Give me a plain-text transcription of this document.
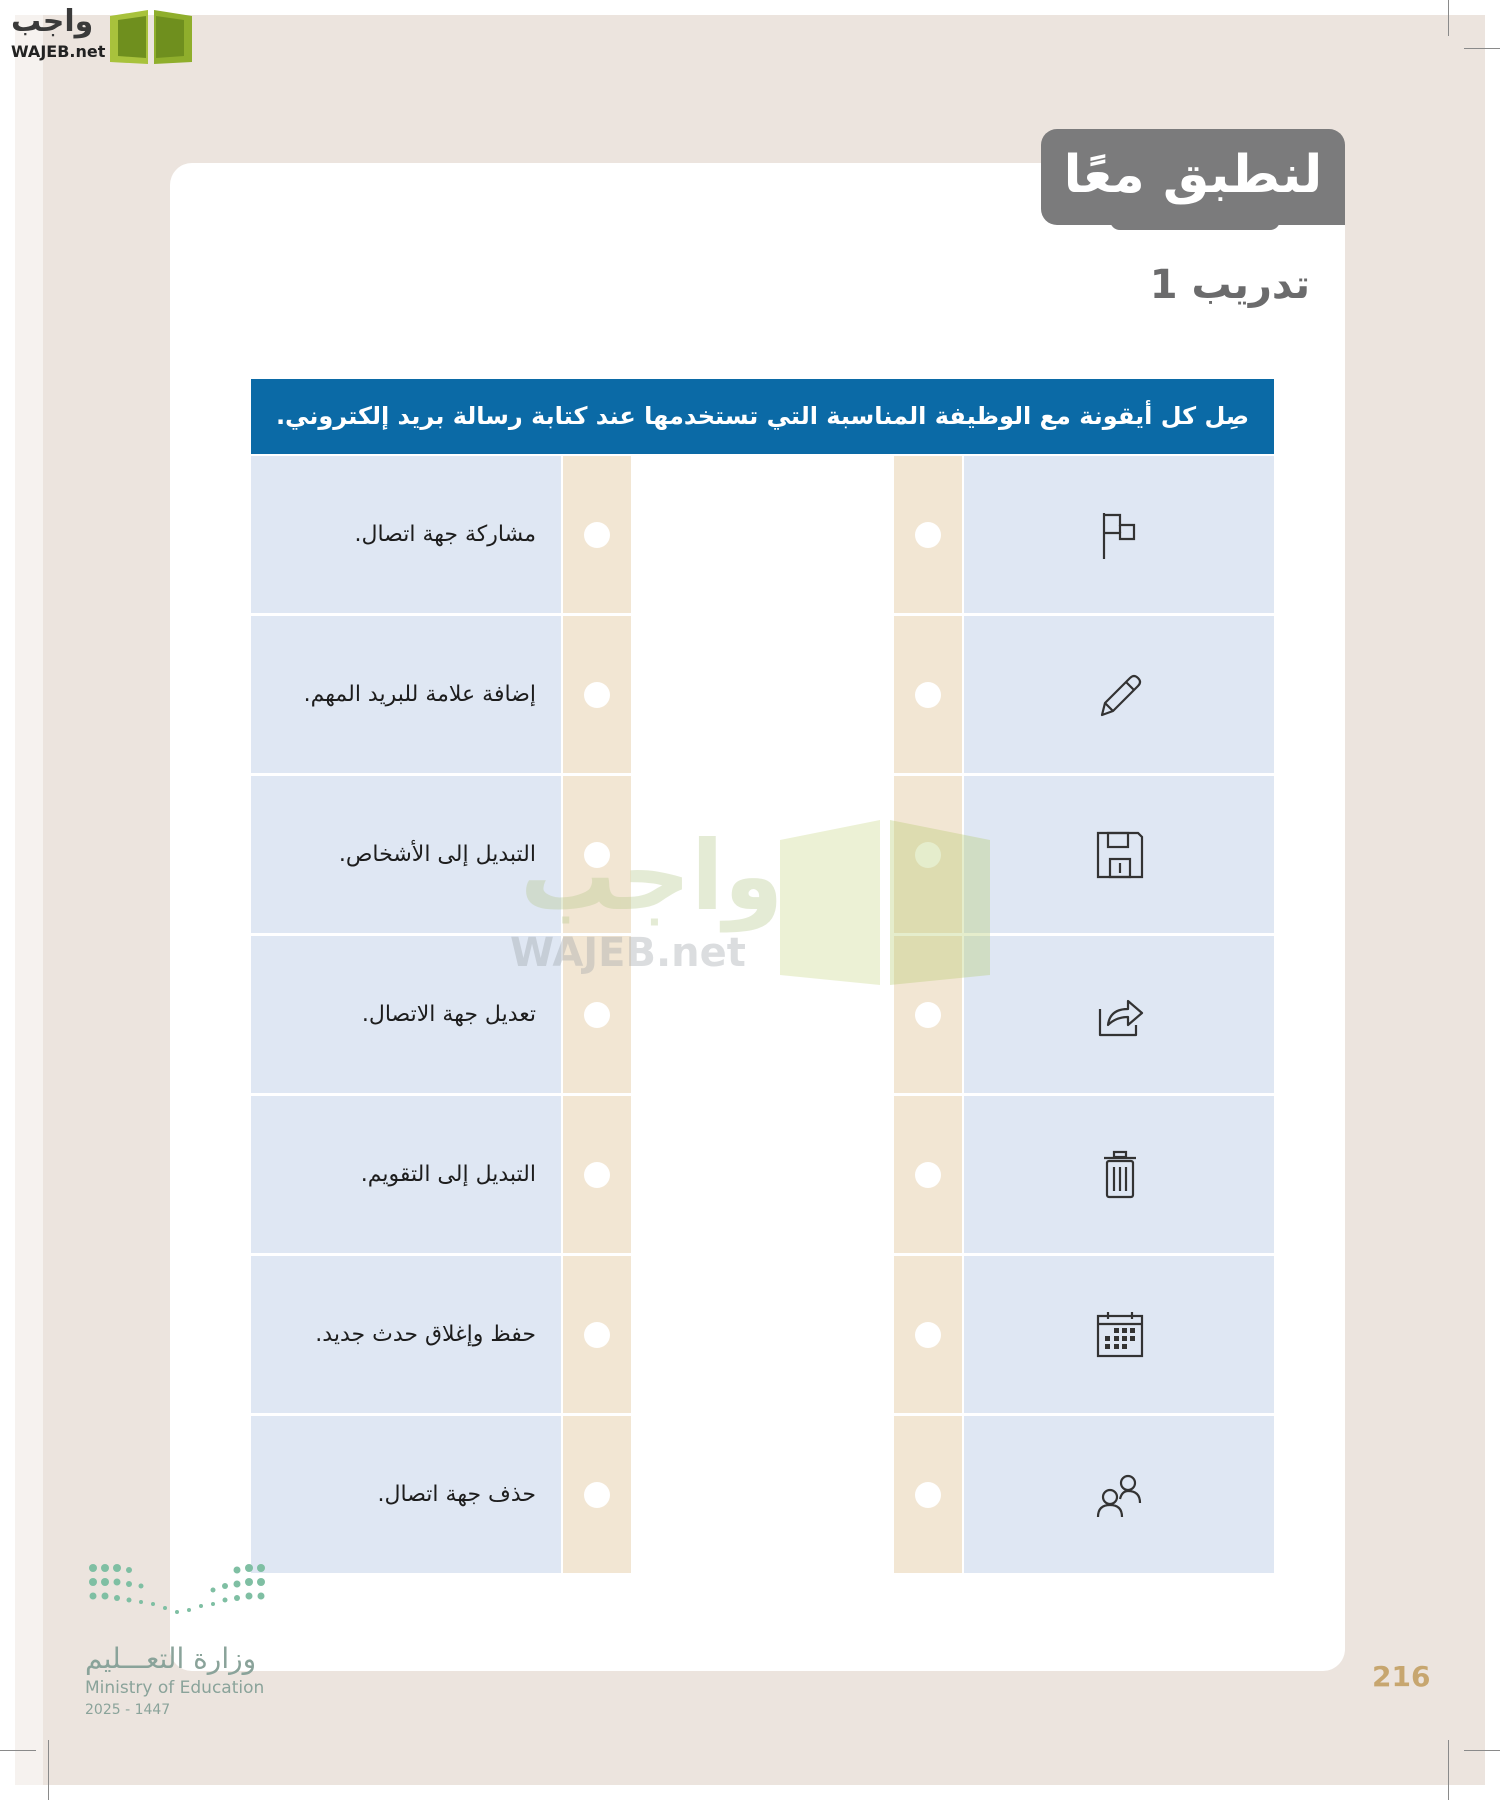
واجب
WAJEB.net
لنطبق معًا
تدريب 1
صِل كل أيقونة مع الوظيفة المناسبة التي تستخدمها عند كتابة رسالة بريد إلكتروني.
مشاركة جهة اتصال.
إضافة علامة للبريد المهم.
التبديل إلى الأشخاص.
تعديل جهة الاتصال.
التبديل إلى التقويم.
حفظ وإغلاق حدث جديد.
حذف جهة اتصال.
واجب
WAJEB.net
وزارة التعـــليم
Ministry of Education
2025 - 1447
216
